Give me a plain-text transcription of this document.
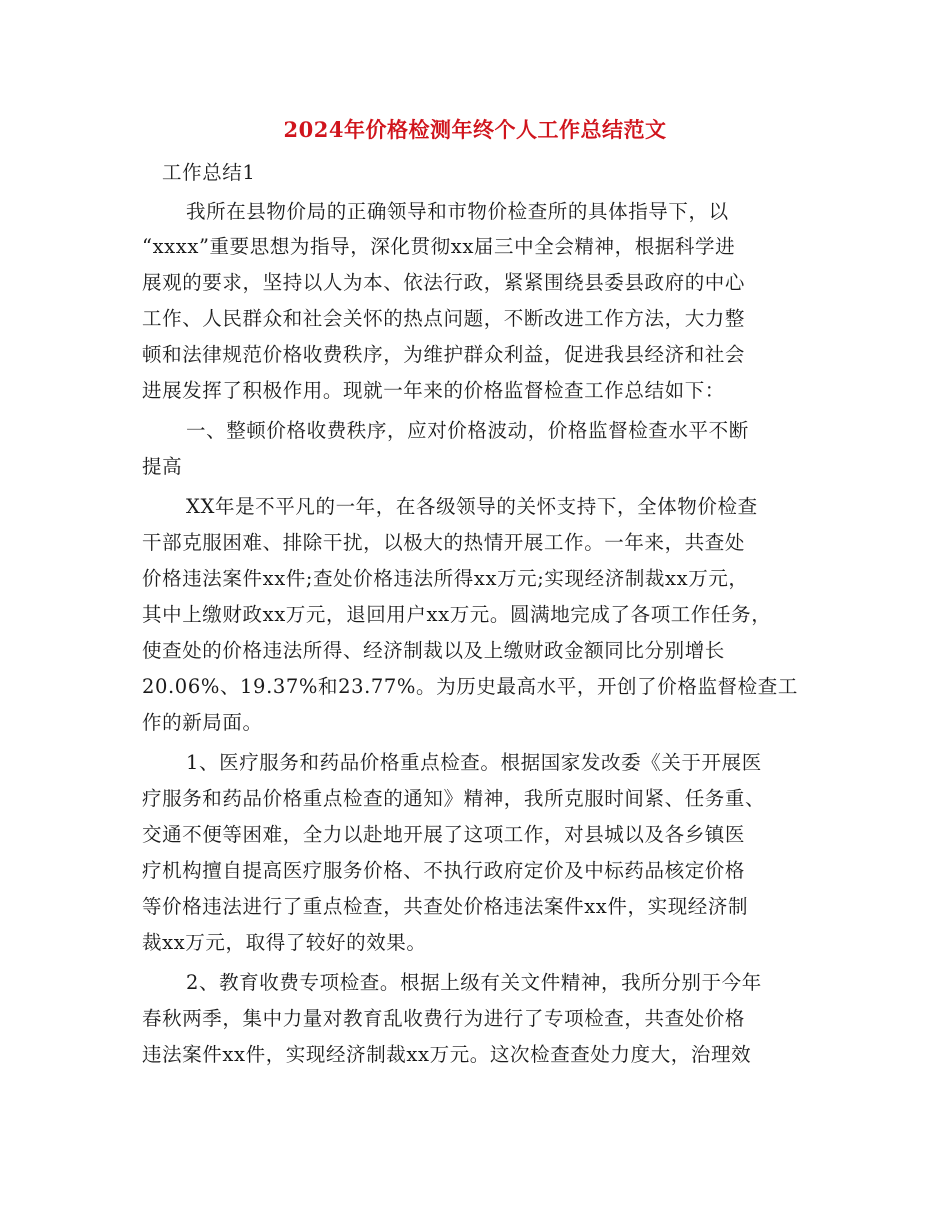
2024年价格检测年终个人工作总结范文
工作总结1
我所在县物价局的正确领导和市物价检查所的具体指导下，以
“xxxx”重要思想为指导，深化贯彻xx届三中全会精神，根据科学进
展观的要求，坚持以人为本、依法行政，紧紧围绕县委县政府的中心
工作、人民群众和社会关怀的热点问题，不断改进工作方法，大力整
顿和法律规范价格收费秩序，为维护群众利益，促进我县经济和社会
进展发挥了积极作用。现就一年来的价格监督检查工作总结如下：
一、整顿价格收费秩序，应对价格波动，价格监督检查水平不断
提高
XX年是不平凡的一年，在各级领导的关怀支持下，全体物价检查
干部克服困难、排除干扰，以极大的热情开展工作。一年来，共查处
价格违法案件xx件;查处价格违法所得xx万元;实现经济制裁xx万元，
其中上缴财政xx万元，退回用户xx万元。圆满地完成了各项工作任务，
使查处的价格违法所得、经济制裁以及上缴财政金额同比分别增长
20.06%、19.37%和23.77%。为历史最高水平，开创了价格监督检查工
作的新局面。
1、医疗服务和药品价格重点检查。根据国家发改委《关于开展医
疗服务和药品价格重点检查的通知》精神，我所克服时间紧、任务重、
交通不便等困难，全力以赴地开展了这项工作，对县城以及各乡镇医
疗机构擅自提高医疗服务价格、不执行政府定价及中标药品核定价格
等价格违法进行了重点检查，共查处价格违法案件xx件，实现经济制
裁xx万元，取得了较好的效果。
2、教育收费专项检查。根据上级有关文件精神，我所分别于今年
春秋两季，集中力量对教育乱收费行为进行了专项检查，共查处价格
违法案件xx件，实现经济制裁xx万元。这次检查查处力度大，治理效
